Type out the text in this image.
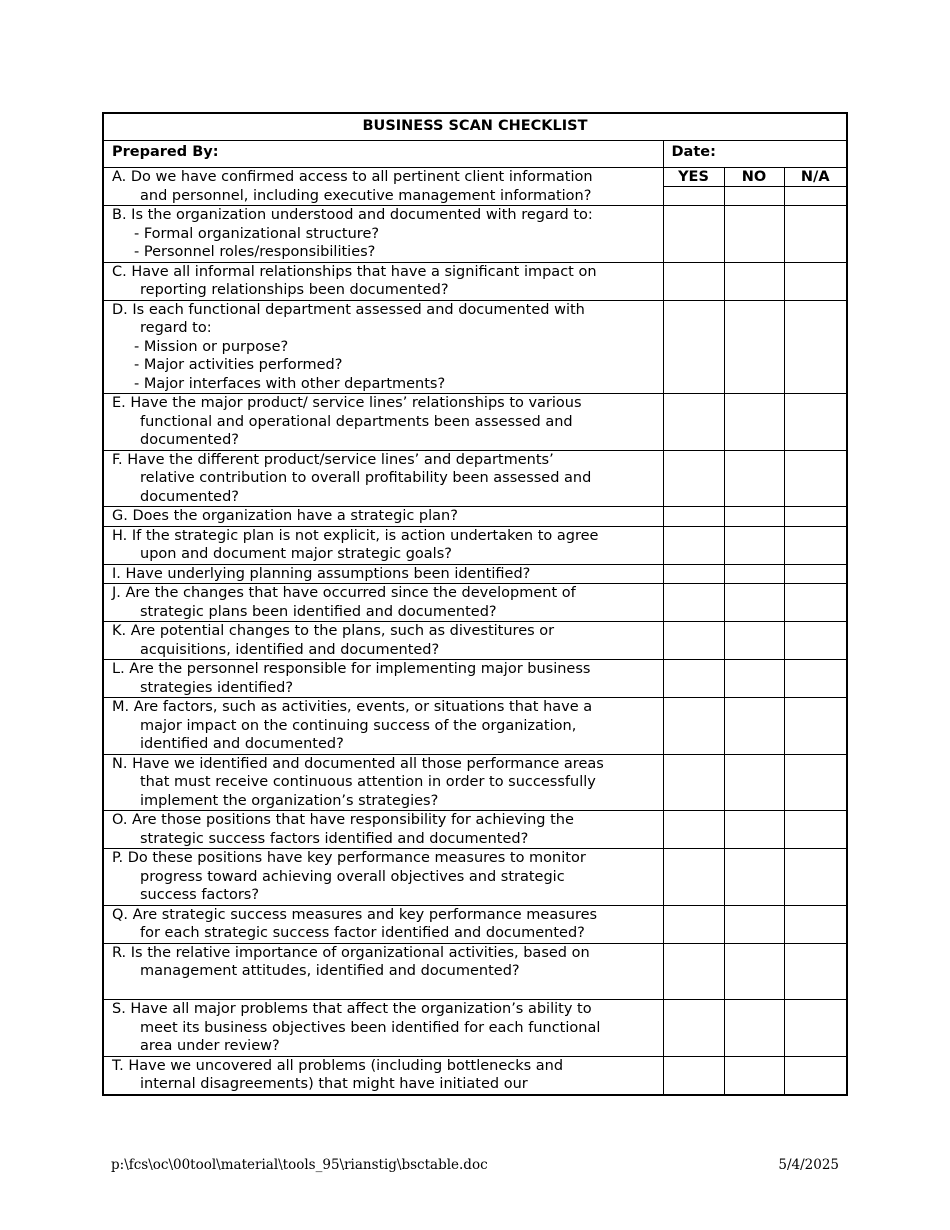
BUSINESS SCAN CHECKLIST			
Prepared By:	Date:		

A. Do we have confirmed access to all pertinent client information
and personnel, including executive management information?	YES	NO	N/A

B. Is the organization understood and documented with regard to:
- Formal organizational structure?
- Personnel roles/responsibilities?			

C. Have all informal relationships that have a significant impact on
reporting relationships been documented?			

D. Is each functional department assessed and documented with
regard to:
- Mission or purpose?
- Major activities performed?
- Major interfaces with other departments?			

E. Have the major product/ service lines’ relationships to various
functional and operational departments been assessed and
documented?			

F. Have the different product/service lines’ and departments’
relative contribution to overall profitability been assessed and
documented?			

G. Does the organization have a strategic plan?			

H. If the strategic plan is not explicit, is action undertaken to agree
upon and document major strategic goals?			

I. Have underlying planning assumptions been identified?			

J. Are the changes that have occurred since the development of
strategic plans been identified and documented?			

K. Are potential changes to the plans, such as divestitures or
acquisitions, identified and documented?			

L. Are the personnel responsible for implementing major business
strategies identified?			

M. Are factors, such as activities, events, or situations that have a
major impact on the continuing success of the organization,
identified and documented?			

N. Have we identified and documented all those performance areas
that must receive continuous attention in order to successfully
implement the organization’s strategies?			

O. Are those positions that have responsibility for achieving the
strategic success factors identified and documented?			

P. Do these positions have key performance measures to monitor
progress toward achieving overall objectives and strategic
success factors?			

Q. Are strategic success measures and key performance measures
for each strategic success factor identified and documented?			

R. Is the relative importance of organizational activities, based on
management attitudes, identified and documented?			

S. Have all major problems that affect the organization’s ability to
meet its business objectives been identified for each functional
area under review?			

T. Have we uncovered all problems (including bottlenecks and
internal disagreements) that might have initiated our			

p:\fcs\oc\00tool\material\tools_95\rianstig\bsctable.doc	5/4/2025
